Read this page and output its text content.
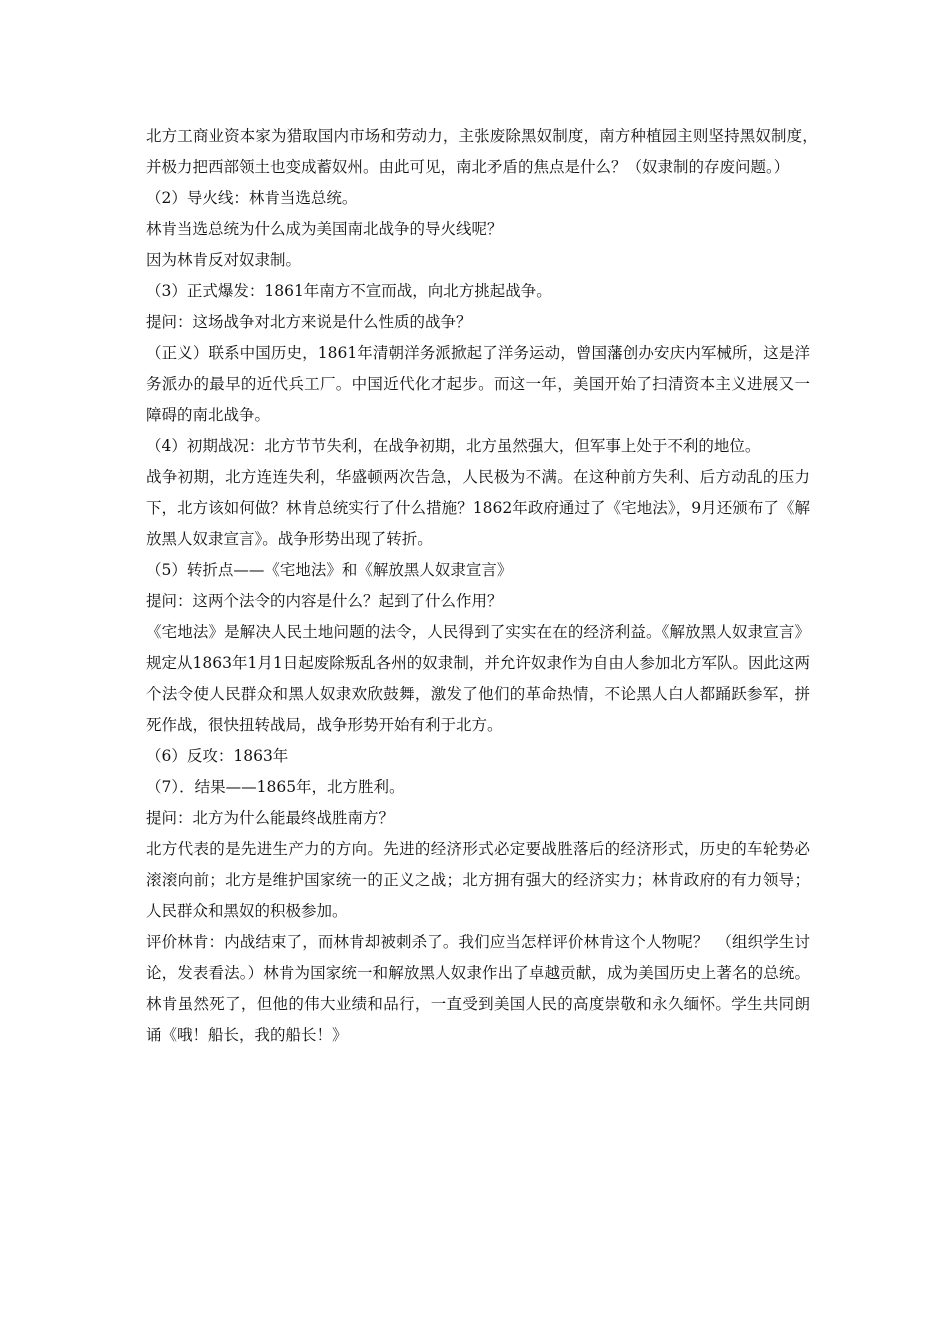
北方工商业资本家为猎取国内市场和劳动力，主张废除黑奴制度，南方种植园主则坚持黑奴制度，　 并极力把西部领土也变成蓄奴州。由此可见，南北矛盾的焦点是什么？（奴隶制的存废问题。）

（2）导火线：林肯当选总统。

林肯当选总统为什么成为美国南北战争的导火线呢？

因为林肯反对奴隶制。

（3）正式爆发：1861年南方不宣而战，向北方挑起战争。

提问：这场战争对北方来说是什么性质的战争？

（正义）联系中国历史，1861年清朝洋务派掀起了洋务运动，曾国藩创办安庆内军械所，这是洋务派办的最早的近代兵工厂。中国近代化才起步。而这一年，美国开始了扫清资本主义进展又一障碍的南北战争。

（4）初期战况：北方节节失利，在战争初期，北方虽然强大，但军事上处于不利的地位。

战争初期，北方连连失利，华盛顿两次告急，人民极为不满。在这种前方失利、后方动乱的压力下，北方该如何做？林肯总统实行了什么措施？1862年政府通过了《宅地法》，9月还颁布了《解放黑人奴隶宣言》。战争形势出现了转折。

（5）转折点——《宅地法》和《解放黑人奴隶宣言》

提问：这两个法令的内容是什么？起到了什么作用？

《宅地法》是解决人民土地问题的法令，人民得到了实实在在的经济利益。《解放黑人奴隶宣言》规定从1863年1月1日起废除叛乱各州的奴隶制，并允许奴隶作为自由人参加北方军队。因此这两个法令使人民群众和黑人奴隶欢欣鼓舞，激发了他们的革命热情，不论黑人白人都踊跃参军，拼死作战，很快扭转战局，战争形势开始有利于北方。

（6）反攻：1863年

（7）．结果——1865年，北方胜利。

提问：北方为什么能最终战胜南方？

北方代表的是先进生产力的方向。先进的经济形式必定要战胜落后的经济形式，历史的车轮势必滚滚向前；北方是维护国家统一的正义之战；北方拥有强大的经济实力；林肯政府的有力领导；人民群众和黑奴的积极参加。

评价林肯：内战结束了，而林肯却被刺杀了。我们应当怎样评价林肯这个人物呢？　（组织学生讨论，发表看法。）林肯为国家统一和解放黑人奴隶作出了卓越贡献，成为美国历史上著名的总统。林肯虽然死了，但他的伟大业绩和品行，一直受到美国人民的高度崇敬和永久缅怀。学生共同朗诵《哦！船长，我的船长！》
